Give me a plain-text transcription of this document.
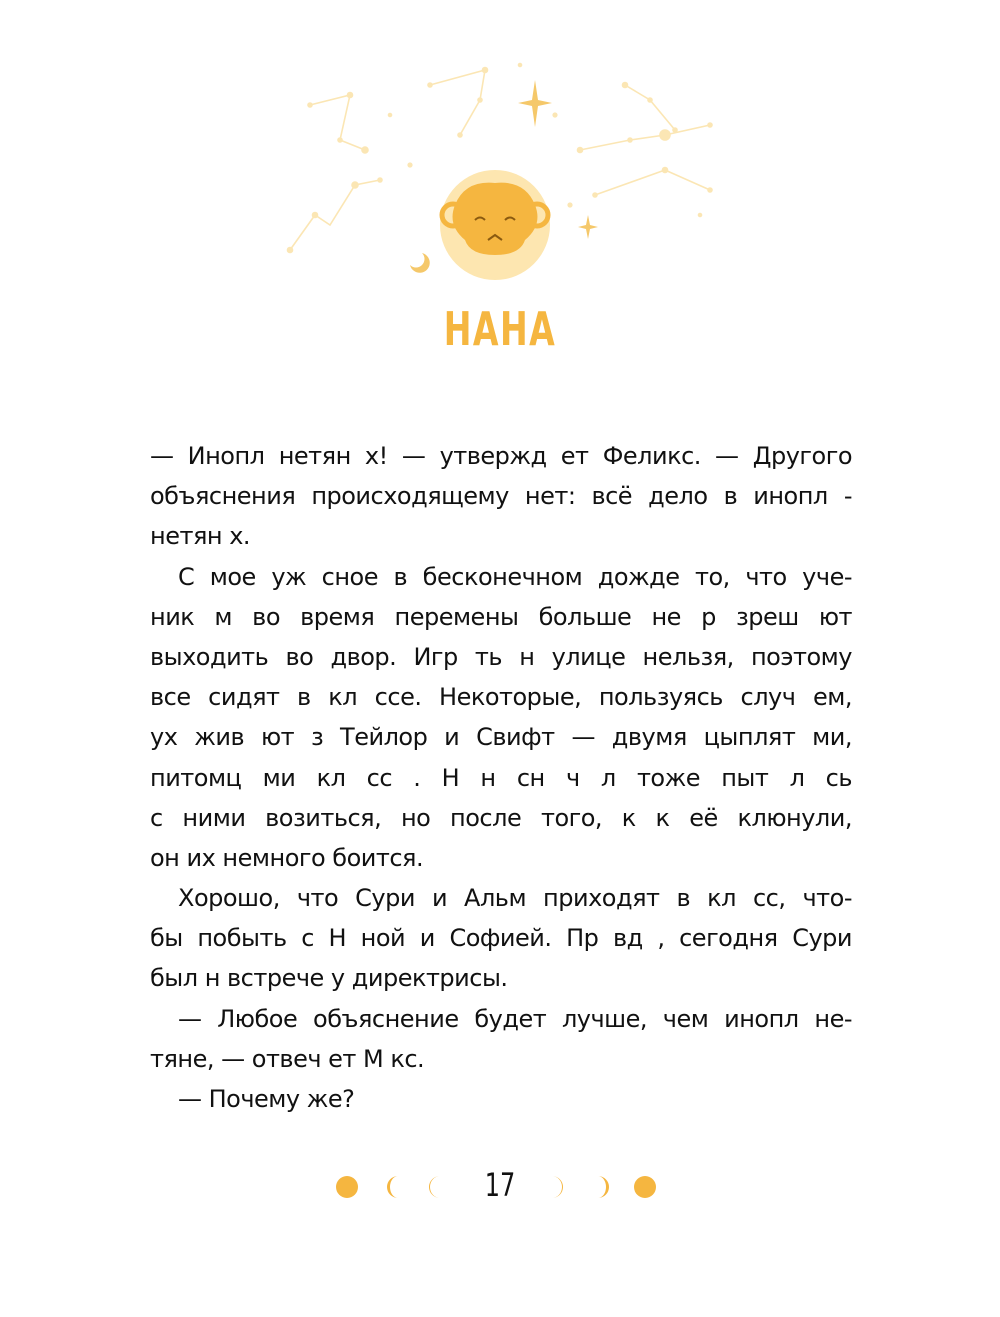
НАНА
— Инопл нетян х! — утвержд ет Феликс. — Другого
объяснения происходящему нет: всё дело в инопл -
нетян х.
С мое уж сное в бесконечном дожде то, что уче-
ник м во время перемены больше не р зреш ют
выходить во двор. Игр ть н улице нельзя, поэтому
все сидят в кл ссе. Некоторые, пользуясь случ ем,
ух жив ют з Тейлор и Свифт — двумя цыплят ми,
питомц ми кл сс . Н н сн ч л тоже пыт л сь
с ними возиться, но после того, к к её клюнули,
он их немного боится.
Хорошо, что Сури и Альм приходят в кл сс, что-
бы побыть с Н ной и Софией. Пр вд , сегодня Сури
был н встрече у директрисы.
— Любое объяснение будет лучше, чем инопл не-
тяне, — отвеч ет М кс.
— Почему же?
17
